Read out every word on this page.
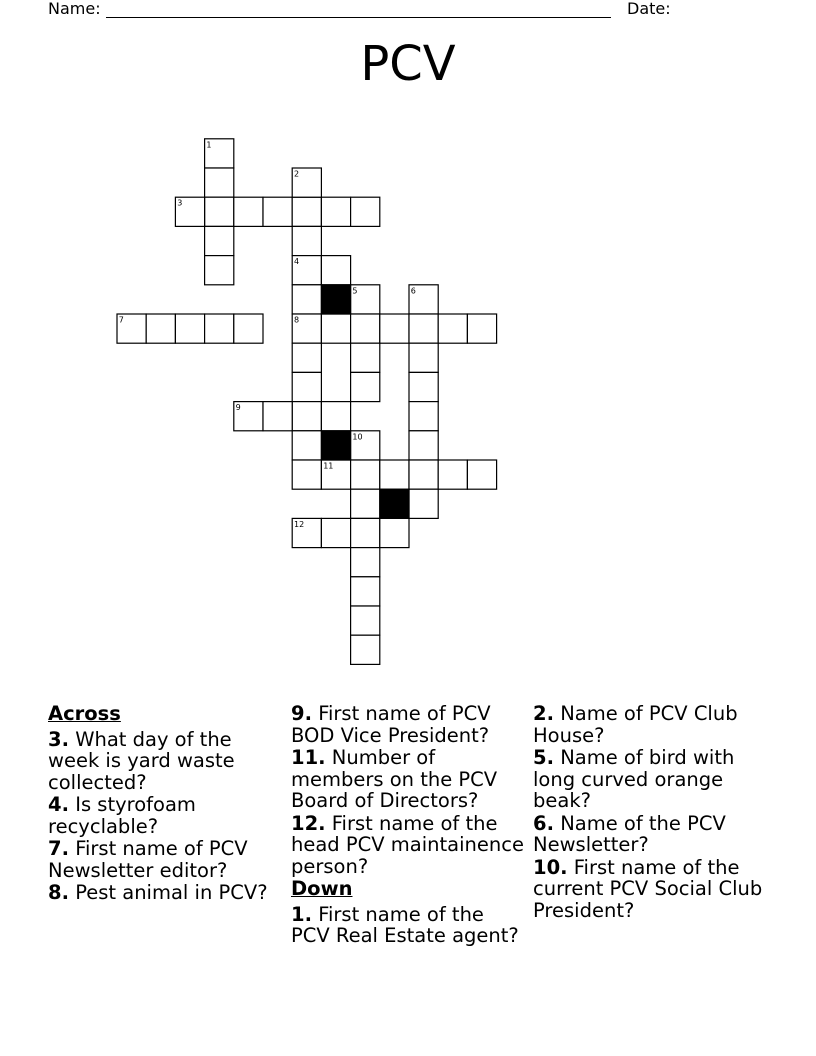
Name:	Date:
PCV
1
2
3
4
5	6
7	8
9
10
11
12
Across
3. What day of the week is yard waste collected?
4. Is styrofoam recyclable?
7. First name of PCV Newsletter editor?
8. Pest animal in PCV?
9. First name of PCV BOD Vice President?
11. Number of members on the PCV Board of Directors?
12. First name of the head PCV maintainence person?
Down
1. First name of the PCV Real Estate agent?
2. Name of PCV Club House?
5. Name of bird with long curved orange beak?
6. Name of the PCV Newsletter?
10. First name of the current PCV Social Club President?
